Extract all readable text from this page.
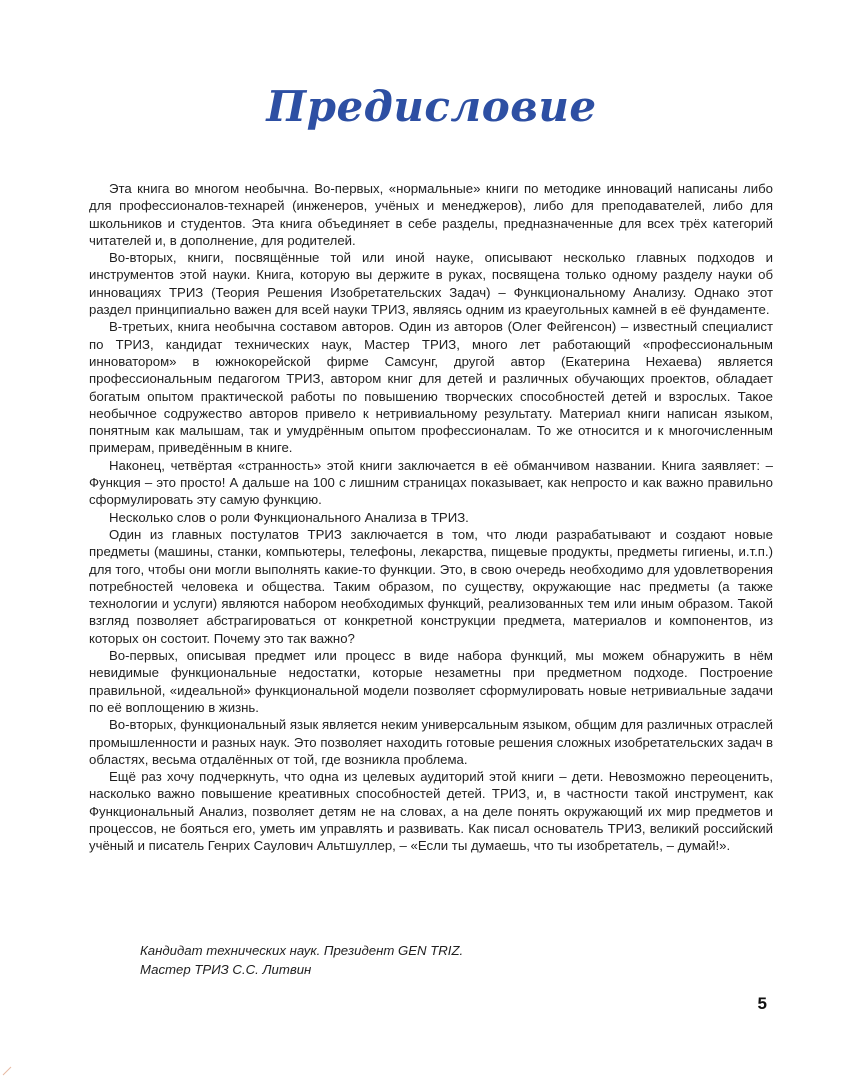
Предисловие

Эта книга во многом необычна. Во-первых, «нормальные» книги по методике инноваций написаны либо для профессионалов-технарей (инженеров, учёных и менеджеров), либо для преподавателей, либо для школьников и студентов. Эта книга объединяет в себе разделы, предназначенные для всех трёх категорий читателей и, в дополнение, для родителей.

Во-вторых, книги, посвящённые той или иной науке, описывают несколько главных подходов и инструментов этой науки. Книга, которую вы держите в руках, посвящена только одному разделу науки об инновациях ТРИЗ (Теория Решения Изобретательских Задач) – Функциональному Анализу. Однако этот раздел принципиально важен для всей науки ТРИЗ, являясь одним из краеугольных камней в её фундаменте.

В-третьих, книга необычна составом авторов. Один из авторов (Олег Фейгенсон) – известный специалист по ТРИЗ, кандидат технических наук, Мастер ТРИЗ, много лет работающий «профессиональным инноватором» в южнокорейской фирме Самсунг, другой автор (Екатерина Нехаева) является профессиональным педагогом ТРИЗ, автором книг для детей и различных обучающих проектов, обладает богатым опытом практической работы по повышению творческих способностей детей и взрослых. Такое необычное содружество авторов привело к нетривиальному результату. Материал книги написан языком, понятным как малышам, так и умудрённым опытом профессионалам. То же относится и к многочисленным примерам, приведённым в книге.

Наконец, четвёртая «странность» этой книги заключается в её обманчивом названии. Книга заявляет: – Функция – это просто! А дальше на 100 с лишним страницах показывает, как непросто и как важно правильно сформулировать эту самую функцию.

Несколько слов о роли Функционального Анализа в ТРИЗ.

Один из главных постулатов ТРИЗ заключается в том, что люди разрабатывают и создают новые предметы (машины, станки, компьютеры, телефоны, лекарства, пищевые продукты, предметы гигиены, и.т.п.) для того, чтобы они могли выполнять какие-то функции. Это, в свою очередь необходимо для удовлетворения потребностей человека и общества. Таким образом, по существу, окружающие нас предметы (а также технологии и услуги) являются набором необходимых функций, реализованных тем или иным образом. Такой взгляд позволяет абстрагироваться от конкретной конструкции предмета, материалов и компонентов, из которых он состоит. Почему это так важно?

Во-первых, описывая предмет или процесс в виде набора функций, мы можем обнаружить в нём невидимые функциональные недостатки, которые незаметны при предметном подходе. Построение правильной, «идеальной» функциональной модели позволяет сформулировать новые нетривиальные задачи по её воплощению в жизнь.

Во-вторых, функциональный язык является неким универсальным языком, общим для различных отраслей промышленности и разных наук. Это позволяет находить готовые решения сложных изобретательских задач в областях, весьма отдалённых от той, где возникла проблема.

Ещё раз хочу подчеркнуть, что одна из целевых аудиторий этой книги – дети. Невозможно переоценить, насколько важно повышение креативных способностей детей. ТРИЗ, и, в частности такой инструмент, как Функциональный Анализ, позволяет детям не на словах, а на деле понять окружающий их мир предметов и процессов, не бояться его, уметь им управлять и развивать. Как писал основатель ТРИЗ, великий российский учёный и писатель Генрих Саулович Альтшуллер, – «Если ты думаешь, что ты изобретатель, – думай!».

Кандидат технических наук. Президент GEN TRIZ.
Мастер ТРИЗ С.С. Литвин
5
